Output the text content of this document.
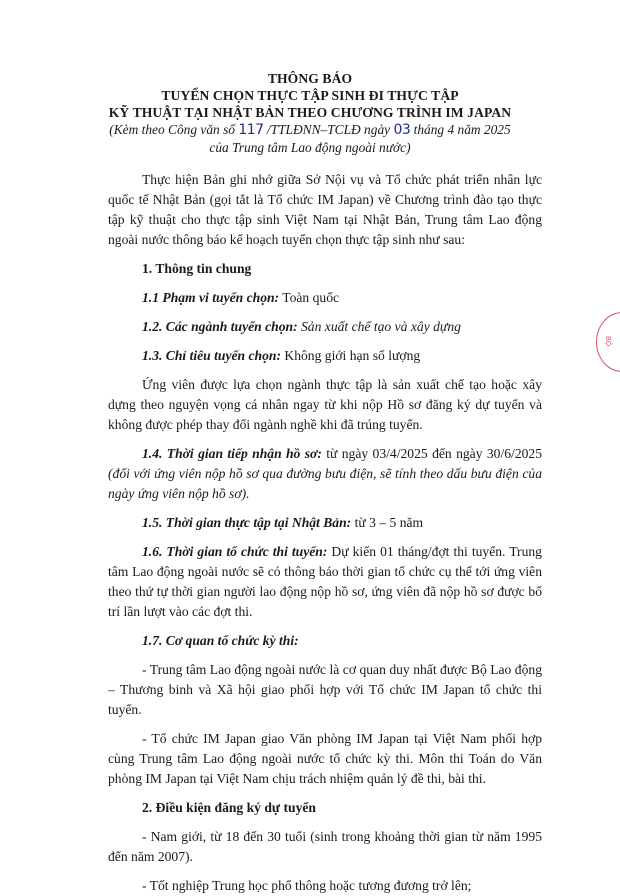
THÔNG BÁO
TUYỂN CHỌN THỰC TẬP SINH ĐI THỰC TẬP
KỸ THUẬT TẠI NHẬT BẢN THEO CHƯƠNG TRÌNH IM JAPAN
(Kèm theo Công văn số 117 /TTLĐNN–TCLĐ ngày 03 tháng 4 năm 2025
của Trung tâm Lao động ngoài nước)

Thực hiện Bản ghi nhớ giữa Sở Nội vụ và Tổ chức phát triển nhân lực quốc tế Nhật Bản (gọi tắt là Tổ chức IM Japan) về Chương trình đào tạo thực tập kỹ thuật cho thực tập sinh Việt Nam tại Nhật Bản, Trung tâm Lao động ngoài nước thông báo kế hoạch tuyển chọn thực tập sinh như sau:

1. Thông tin chung

1.1 Phạm vi tuyển chọn: Toàn quốc

1.2. Các ngành tuyển chọn: Sản xuất chế tạo và xây dựng

1.3. Chỉ tiêu tuyển chọn: Không giới hạn số lượng

Ứng viên được lựa chọn ngành thực tập là sản xuất chế tạo hoặc xây dựng theo nguyện vọng cá nhân ngay từ khi nộp Hồ sơ đăng ký dự tuyển và không được phép thay đổi ngành nghề khi đã trúng tuyển.

1.4. Thời gian tiếp nhận hồ sơ: từ ngày 03/4/2025 đến ngày 30/6/2025 (đối với ứng viên nộp hồ sơ qua đường bưu điện, sẽ tính theo dấu bưu điện của ngày ứng viên nộp hồ sơ).

1.5. Thời gian thực tập tại Nhật Bản: từ 3 – 5 năm

1.6. Thời gian tổ chức thi tuyển: Dự kiến 01 tháng/đợt thi tuyển. Trung tâm Lao động ngoài nước sẽ có thông báo thời gian tổ chức cụ thể tới ứng viên theo thứ tự thời gian người lao động nộp hồ sơ, ứng viên đã nộp hồ sơ được bố trí lần lượt vào các đợt thi.

1.7. Cơ quan tổ chức kỳ thi:

- Trung tâm Lao động ngoài nước là cơ quan duy nhất được Bộ Lao động – Thương binh và Xã hội giao phối hợp với Tổ chức IM Japan tổ chức thi tuyển.

- Tổ chức IM Japan giao Văn phòng IM Japan tại Việt Nam phối hợp cùng Trung tâm Lao động ngoài nước tổ chức kỳ thi. Môn thi Toán do Văn phòng IM Japan tại Việt Nam chịu trách nhiệm quản lý đề thi, bài thi.

2. Điều kiện đăng ký dự tuyển

- Nam giới, từ 18 đến 30 tuổi (sinh trong khoảng thời gian từ năm 1995 đến năm 2007).

- Tốt nghiệp Trung học phổ thông hoặc tương đương trở lên;

BỘ
